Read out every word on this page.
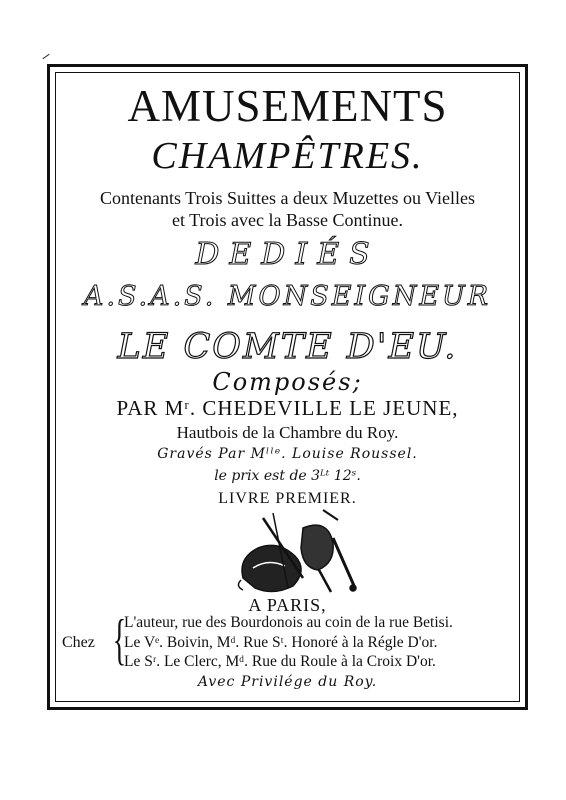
AMUSEMENTS
CHAMPÊTRES.
Contenants Trois Suittes a deux Muzettes ou Vielles
et Trois avec la Basse Continue.
DEDIÉS
A.S.A.S. MONSEIGNEUR
LE COMTE D'EU.
Composés;
PAR Mʳ. CHEDEVILLE LE JEUNE,
Hautbois de la Chambre du Roy.
Gravés Par Mˡˡᵉ. Louise Roussel.
le prix est de 3ᴸᵗ 12ˢ.
LIVRE PREMIER.
A PARIS,
Chez {
L'auteur, rue des Bourdonois au coin de la rue Betisi.
Le Vᵉ. Boivin, Mᵈ. Rue Sᵗ. Honoré à la Régle D'or.
Le Sʳ. Le Clerc, Mᵈ. Rue du Roule à la Croix D'or.
Avec Privilége du Roy.
